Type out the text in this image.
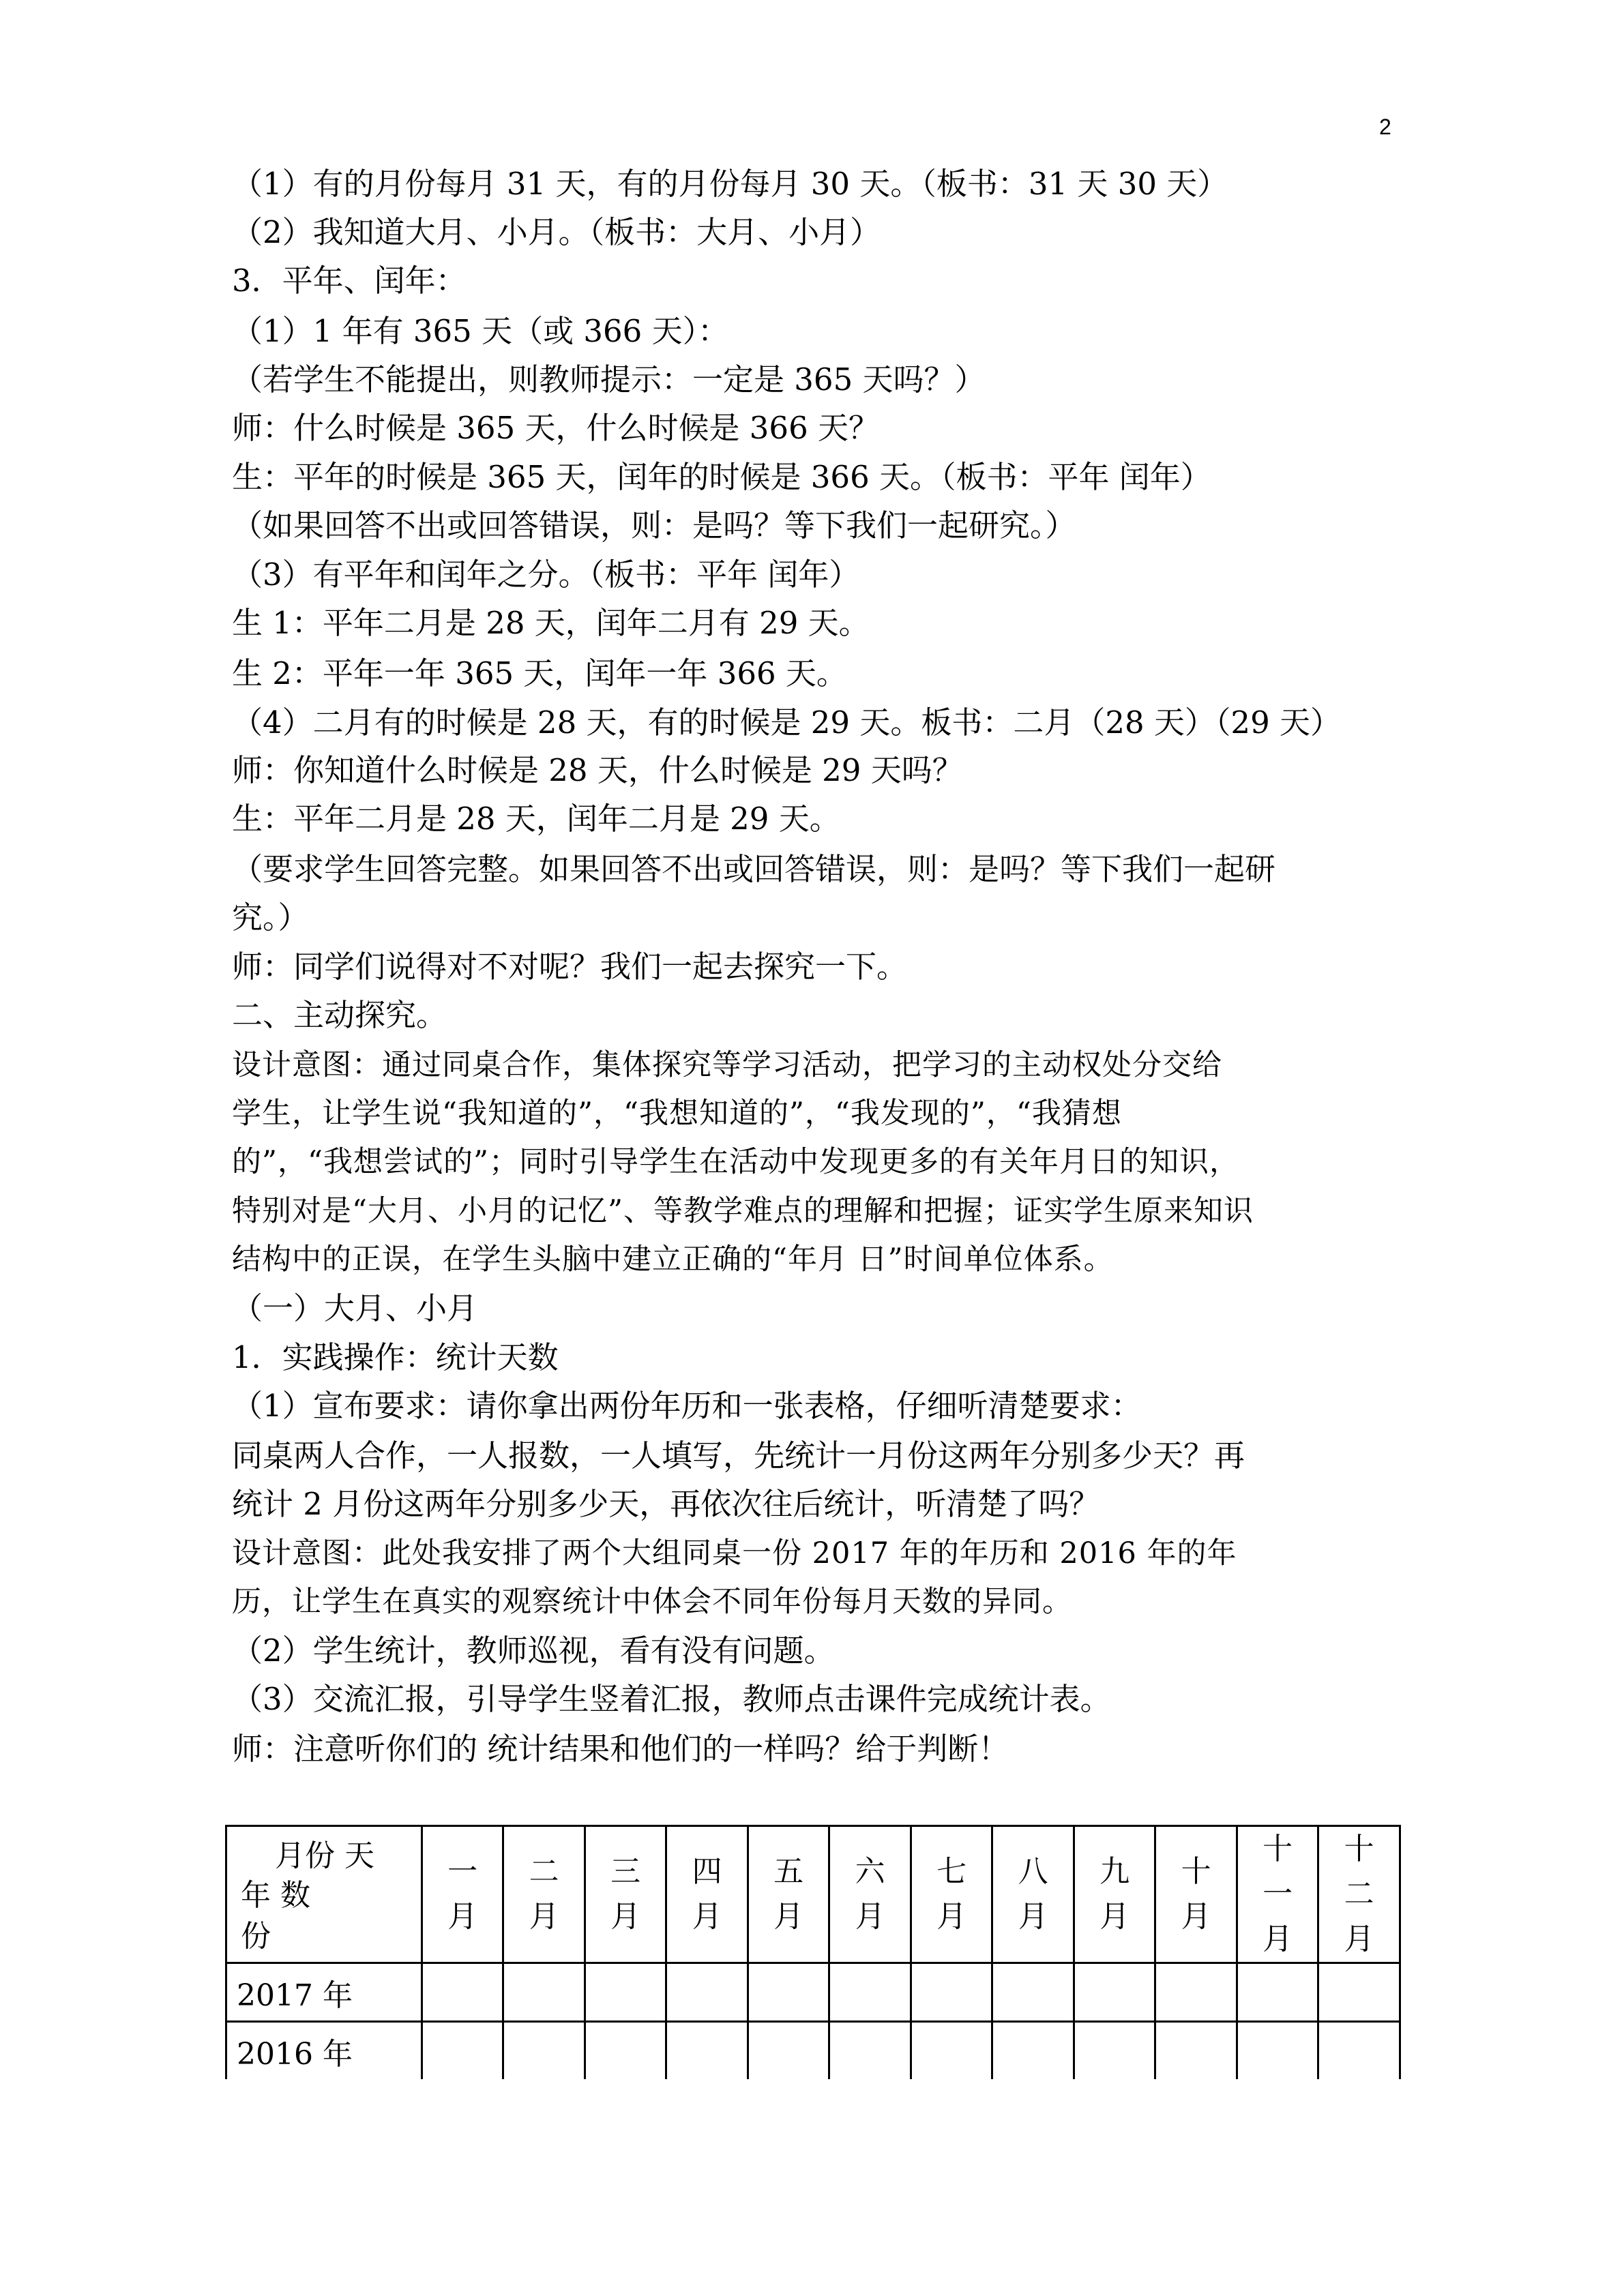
2
（1）有的月份每月 31 天，有的月份每月 30 天。（板书：31 天 30 天）
（2）我知道大月、小月。（板书：大月、小月）
3．平年、闰年：
（1）1 年有 365 天（或 366 天）：
（若学生不能提出，则教师提示：一定是 365 天吗？）
师：什么时候是 365 天，什么时候是 366 天？
生：平年的时候是 365 天，闰年的时候是 366 天。（板书：平年 闰年）
（如果回答不出或回答错误，则：是吗？等下我们一起研究。）
（3）有平年和闰年之分。（板书：平年 闰年）
生 1：平年二月是 28 天，闰年二月有 29 天。
生 2：平年一年 365 天，闰年一年 366 天。
（4）二月有的时候是 28 天，有的时候是 29 天。板书：二月（28 天）（29 天）
师：你知道什么时候是 28 天，什么时候是 29 天吗？
生：平年二月是 28 天，闰年二月是 29 天。
（要求学生回答完整。如果回答不出或回答错误，则：是吗？等下我们一起研
究。）
师：同学们说得对不对呢？我们一起去探究一下。
二、主动探究。
设计意图：通过同桌合作，集体探究等学习活动，把学习的主动权处分交给
学生，让学生说“我知道的”，“我想知道的”，“我发现的”，“我猜想
的”，“我想尝试的”；同时引导学生在活动中发现更多的有关年月日的知识，
特别对是“大月、小月的记忆”、等教学难点的理解和把握；证实学生原来知识
结构中的正误，在学生头脑中建立正确的“年月 日”时间单位体系。
（一）大月、小月
1．实践操作：统计天数
（1）宣布要求：请你拿出两份年历和一张表格，仔细听清楚要求：
同桌两人合作，一人报数，一人填写，先统计一月份这两年分别多少天？再
统计 2 月份这两年分别多少天，再依次往后统计，听清楚了吗？
设计意图：此处我安排了两个大组同桌一份 2017 年的年历和 2016 年的年
历，让学生在真实的观察统计中体会不同年份每月天数的异同。
（2）学生统计，教师巡视，看有没有问题。
（3）交流汇报，引导学生竖着汇报，教师点击课件完成统计表。
师：注意听你们的 统计结果和他们的一样吗？给于判断！
月份 天
年 数
份	一月	二月	三月	四月	五月	六月	七月	八月	九月	十月	十一月	十二月
2017 年												
2016 年												
